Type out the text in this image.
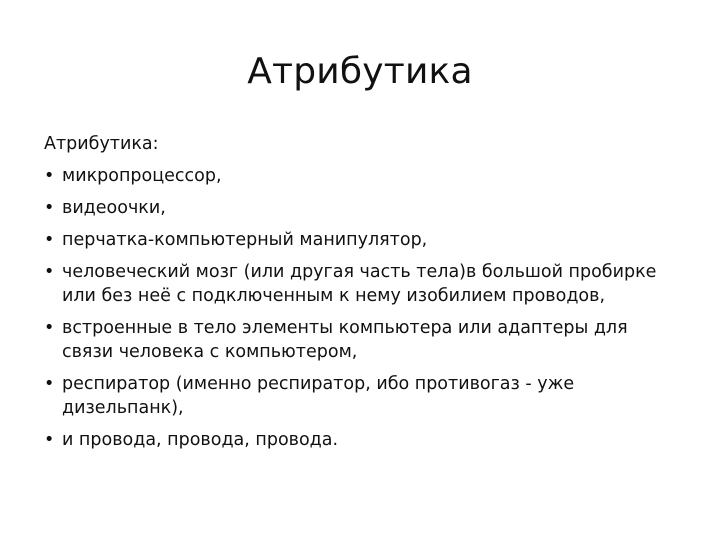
Атрибутика

Атрибутика:

• микропроцессор,
• видеоочки,
• перчатка-компьютерный манипулятор,
• человеческий мозг (или другая часть тела)в большой пробирке или без неё с подключенным к нему изобилием проводов,
• встроенные в тело элементы компьютера или адаптеры для связи человека с компьютером,
• респиратор (именно респиратор, ибо противогаз - уже дизельпанк),
• и провода, провода, провода.
